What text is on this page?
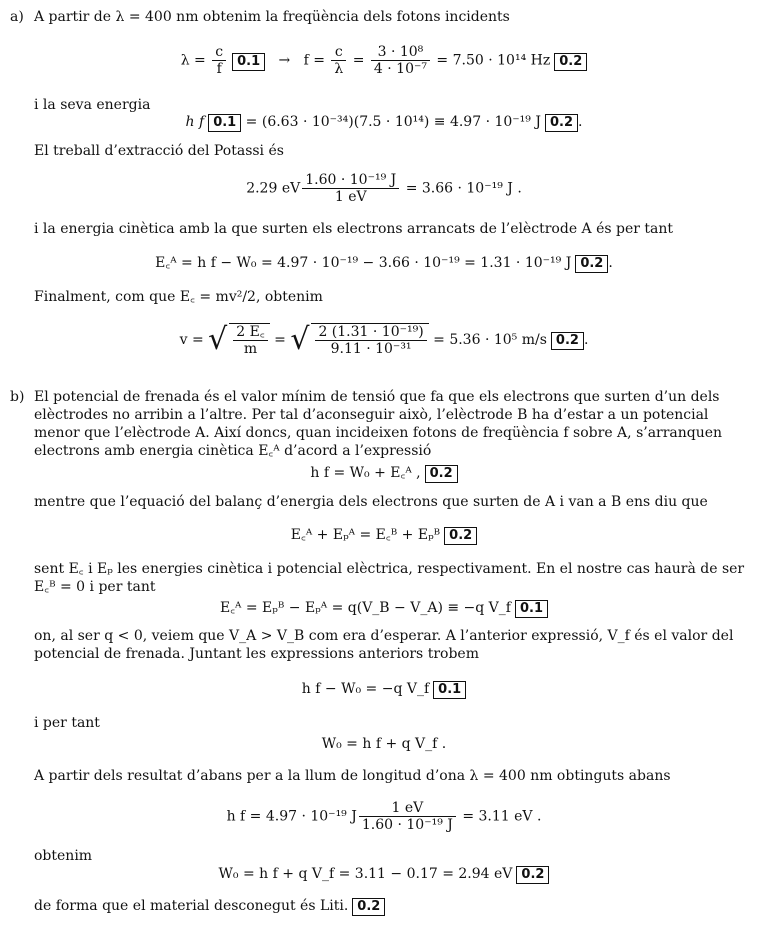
a) A partir de λ = 400 nm obtenim la freqüència dels fotons incidents
$\lambda = \frac{c}{f} 0.1 \to f = \frac{c}{\lambda} = \frac{\text{3 · 10⁸}}{\text{4 · 10⁻⁷}} = 7.50 \cdot 10^{14}$ Hz 0.2
i la seva energia
h f 0.1 = (6.63 · 10⁻³⁴)(7.5 · 10¹⁴) ≡ 4.97 · 10⁻¹⁹ J 0.2 .
El treball d’extracció del Potassi és
2.29 eV $\frac{\text{1.60 · 10⁻¹⁹ J}}{1 eV} = 3.66 \cdot 10^{-19}$ J .
i la energia cinètica amb la que surten els electrons arrancats de l’elèctrode A és per tant
E꜀ᴬ = h f − W₀ = 4.97 · 10⁻¹⁹ − 3.66 · 10⁻¹⁹ = 1.31 · 10⁻¹⁹ J 0.2 .
Finalment, com que E꜀ = mv²/2, obtenim
v = √ $\frac{2 E꜀}{m}$ = √ $\frac{\text{2 (1.31 · 10⁻¹⁹)}}{\text{9.11 · 10⁻³¹}} = 5.36 \cdot 10^5$ m/s 0.2 .
b) El potencial de frenada és el valor mínim de tensió que fa que els electrons que surten d’un dels elèctrodes no arribin a l’altre. Per tal d’aconseguir això, l’elèctrode B ha d’estar a un potencial menor que l’elèctrode A. Així doncs, quan incideixen fotons de freqüència f sobre A, s’arranquen electrons amb energia cinètica E꜀ᴬ d’acord a l’expressió
h f = W₀ + E꜀ᴬ , 0.2
mentre que l’equació del balanç d’energia dels electrons que surten de A i van a B ens diu que
E꜀ᴬ + Eₚᴬ = E꜀ᴮ + Eₚᴮ 0.2
sent E꜀ i Eₚ les energies cinètica i potencial elèctrica, respectivament. En el nostre cas haurà de ser E꜀ᴮ = 0 i per tant
E꜀ᴬ = Eₚᴮ − Eₚᴬ = q(V_B − V_A) ≡ −q V_f 0.1
on, al ser q < 0, veiem que V_A > V_B com era d’esperar. A l’anterior expressió, V_f és el valor del potencial de frenada. Juntant les expressions anteriors trobem
h f − W₀ = −q V_f 0.1
i per tant
W₀ = h f + q V_f .
A partir dels resultat d’abans per a la llum de longitud d’ona λ = 400 nm obtinguts abans
h f = 4.97 · 10⁻¹⁹ J $\frac{1 eV}{\text{1.60 · 10⁻¹⁹ J}} = 3.11$ eV .
obtenim
W₀ = h f + q V_f = 3.11 − 0.17 = 2.94 eV 0.2
de forma que el material desconegut és Liti. 0.2
